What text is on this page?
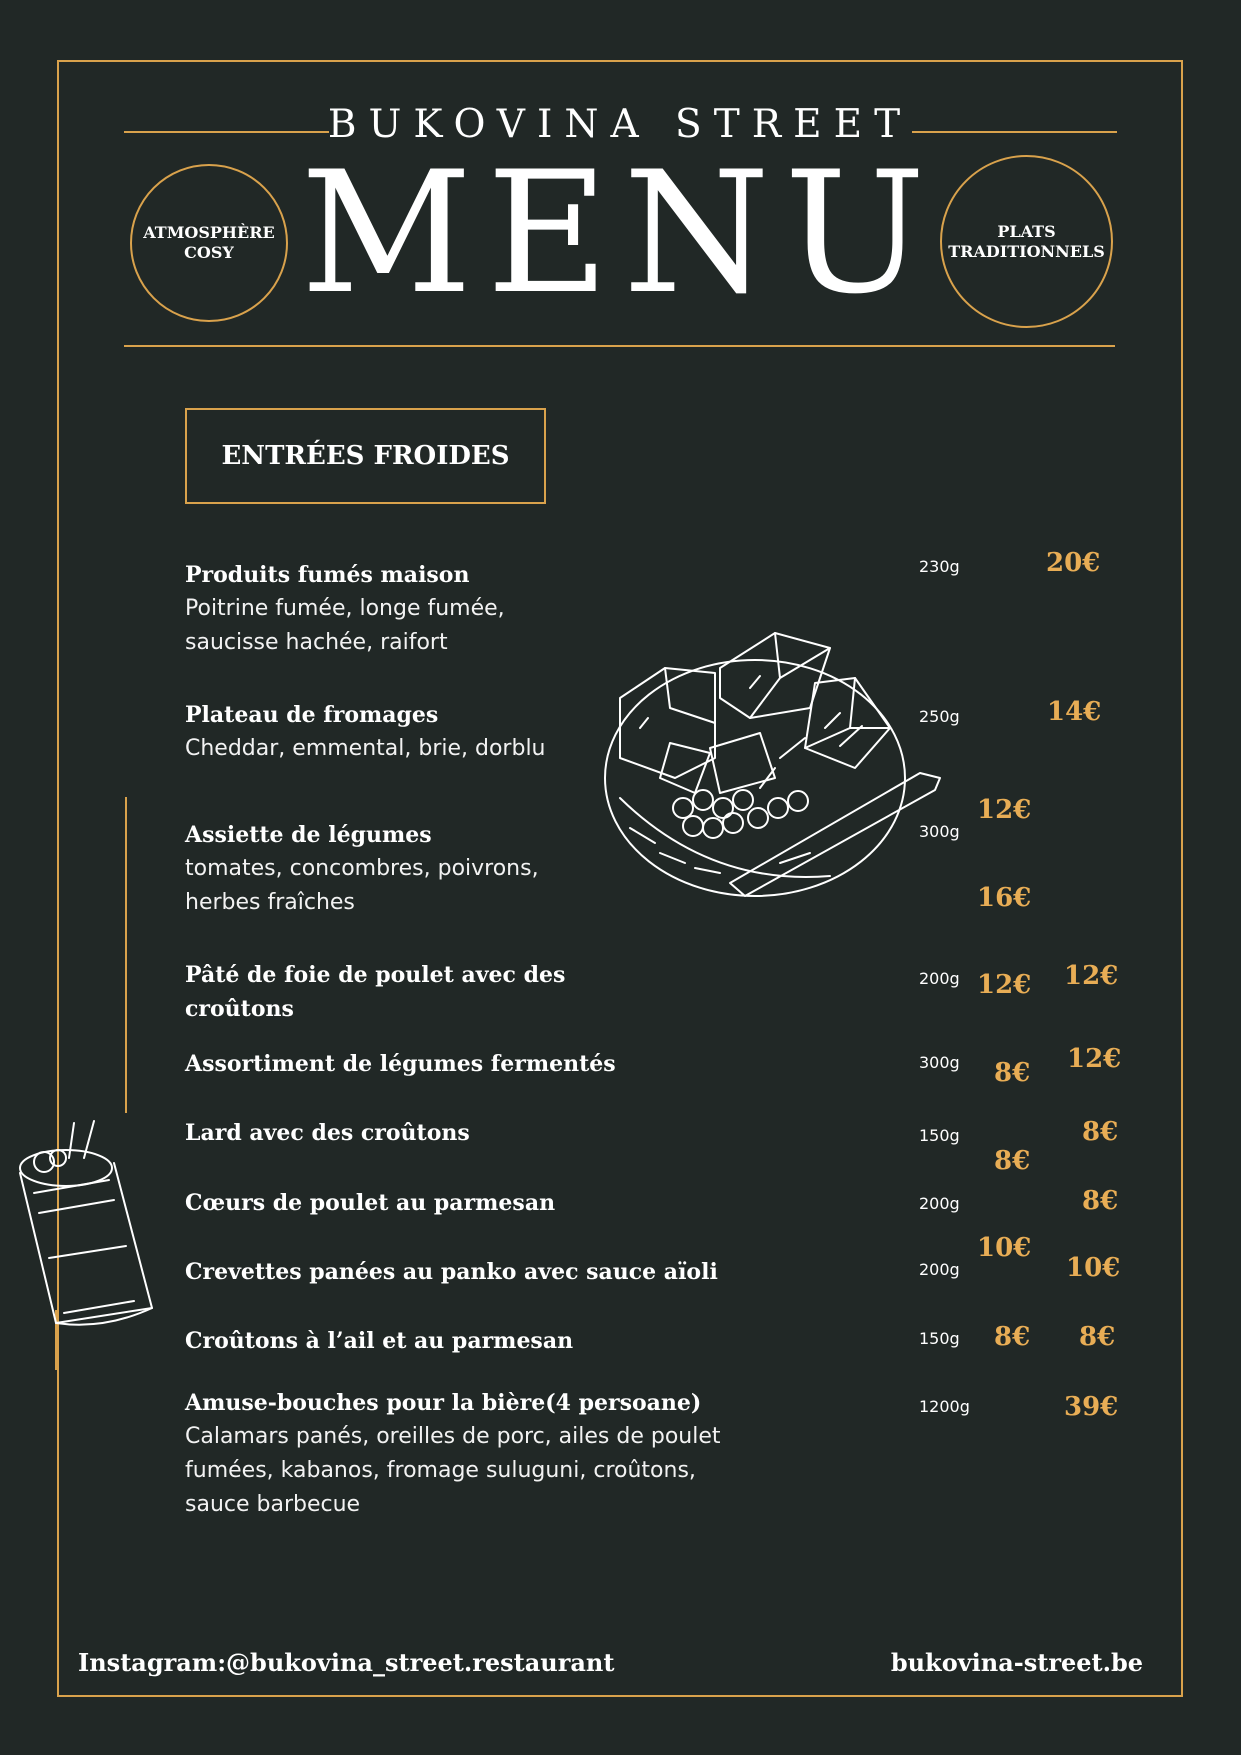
BUKOVINA STREET
MENU
ATMOSPHÈRE COSY
PLATS TRADITIONNELS
ENTRÉES FROIDES
Produits fumés maison
Poitrine fumée, longe fumée, saucisse hachée, raifort
Plateau de fromages
Cheddar, emmental, brie, dorblu
Assiette de légumes
tomates, concombres, poivrons, herbes fraîches
Pâté de foie de poulet avec des croûtons
Assortiment de légumes fermentés
Lard avec des croûtons
Cœurs de poulet au parmesan
Crevettes panées au panko avec sauce aïoli
Croûtons à l’ail et au parmesan
Amuse-bouches pour la bière(4 persoane)
Calamars panés, oreilles de porc, ailes de poulet fumées, kabanos, fromage suluguni, croûtons, sauce barbecue
230g
250g
300g
200g
300g
150g
200g
200g
150g
1200g
20€
14€
12€
16€
12€ 12€
8€ 12€
8€
8€
8€
10€
10€
8€ 8€
39€
Instagram:@bukovina_street.restaurant	bukovina-street.be
